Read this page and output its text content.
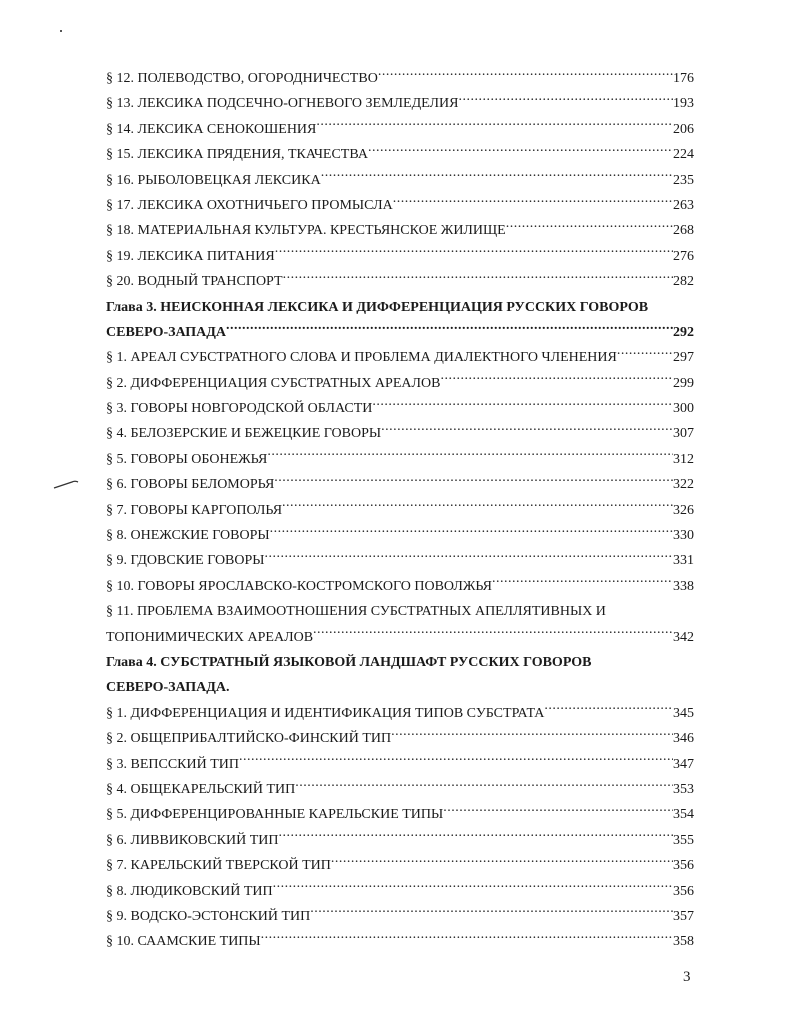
§ 12. ПОЛЕВОДСТВО, ОГОРОДНИЧЕСТВО .....	176
§ 13. ЛЕКСИКА ПОДСЕЧНО-ОГНЕВОГО ЗЕМЛЕДЕЛИЯ .....	193
§ 14. ЛЕКСИКА СЕНОКОШЕНИЯ .....	206
§ 15. ЛЕКСИКА ПРЯДЕНИЯ, ТКАЧЕСТВА .....	224
§ 16. РЫБОЛОВЕЦКАЯ ЛЕКСИКА .....	235
§ 17. ЛЕКСИКА ОХОТНИЧЬЕГО ПРОМЫСЛА .....	263
§ 18. МАТЕРИАЛЬНАЯ КУЛЬТУРА. КРЕСТЬЯНСКОЕ ЖИЛИЩЕ .....	268
§ 19. ЛЕКСИКА ПИТАНИЯ .....	276
§ 20. ВОДНЫЙ ТРАНСПОРТ .....	282
Глава 3. НЕИСКОННАЯ ЛЕКСИКА И ДИФФЕРЕНЦИАЦИЯ РУССКИХ ГОВОРОВ
СЕВЕРО-ЗАПАДА .....	292
§ 1. АРЕАЛ СУБСТРАТНОГО СЛОВА И ПРОБЛЕМА ДИАЛЕКТНОГО ЧЛЕНЕНИЯ .....	297
§ 2. ДИФФЕРЕНЦИАЦИЯ СУБСТРАТНЫХ АРЕАЛОВ .....	299
§ 3. ГОВОРЫ НОВГОРОДСКОЙ ОБЛАСТИ .....	300
§ 4. БЕЛОЗЕРСКИЕ И БЕЖЕЦКИЕ ГОВОРЫ .....	307
§ 5. ГОВОРЫ ОБОНЕЖЬЯ .....	312
§ 6. ГОВОРЫ БЕЛОМОРЬЯ .....	322
§ 7. ГОВОРЫ КАРГОПОЛЬЯ .....	326
§ 8. ОНЕЖСКИЕ ГОВОРЫ .....	330
§ 9. ГДОВСКИЕ ГОВОРЫ .....	331
§ 10. ГОВОРЫ ЯРОСЛАВСКО-КОСТРОМСКОГО ПОВОЛЖЬЯ .....	338
§ 11. ПРОБЛЕМА ВЗАИМООТНОШЕНИЯ СУБСТРАТНЫХ АПЕЛЛЯТИВНЫХ И
ТОПОНИМИЧЕСКИХ АРЕАЛОВ .....	342
Глава 4. СУБСТРАТНЫЙ ЯЗЫКОВОЙ ЛАНДШАФТ РУССКИХ ГОВОРОВ
СЕВЕРО-ЗАПАДА.
§ 1. ДИФФЕРЕНЦИАЦИЯ И ИДЕНТИФИКАЦИЯ ТИПОВ СУБСТРАТА .....	345
§ 2. ОБЩЕПРИБАЛТИЙСКО-ФИНСКИЙ ТИП .....	346
§ 3. ВЕПССКИЙ ТИП .....	347
§ 4. ОБЩЕКАРЕЛЬСКИЙ ТИП .....	353
§ 5. ДИФФЕРЕНЦИРОВАННЫЕ КАРЕЛЬСКИЕ ТИПЫ .....	354
§ 6. ЛИВВИКОВСКИЙ ТИП .....	355
§ 7. КАРЕЛЬСКИЙ ТВЕРСКОЙ ТИП .....	356
§ 8. ЛЮДИКОВСКИЙ ТИП .....	356
§ 9. ВОДСКО-ЭСТОНСКИЙ ТИП .....	357
§ 10. СААМСКИЕ ТИПЫ .....	358
3
